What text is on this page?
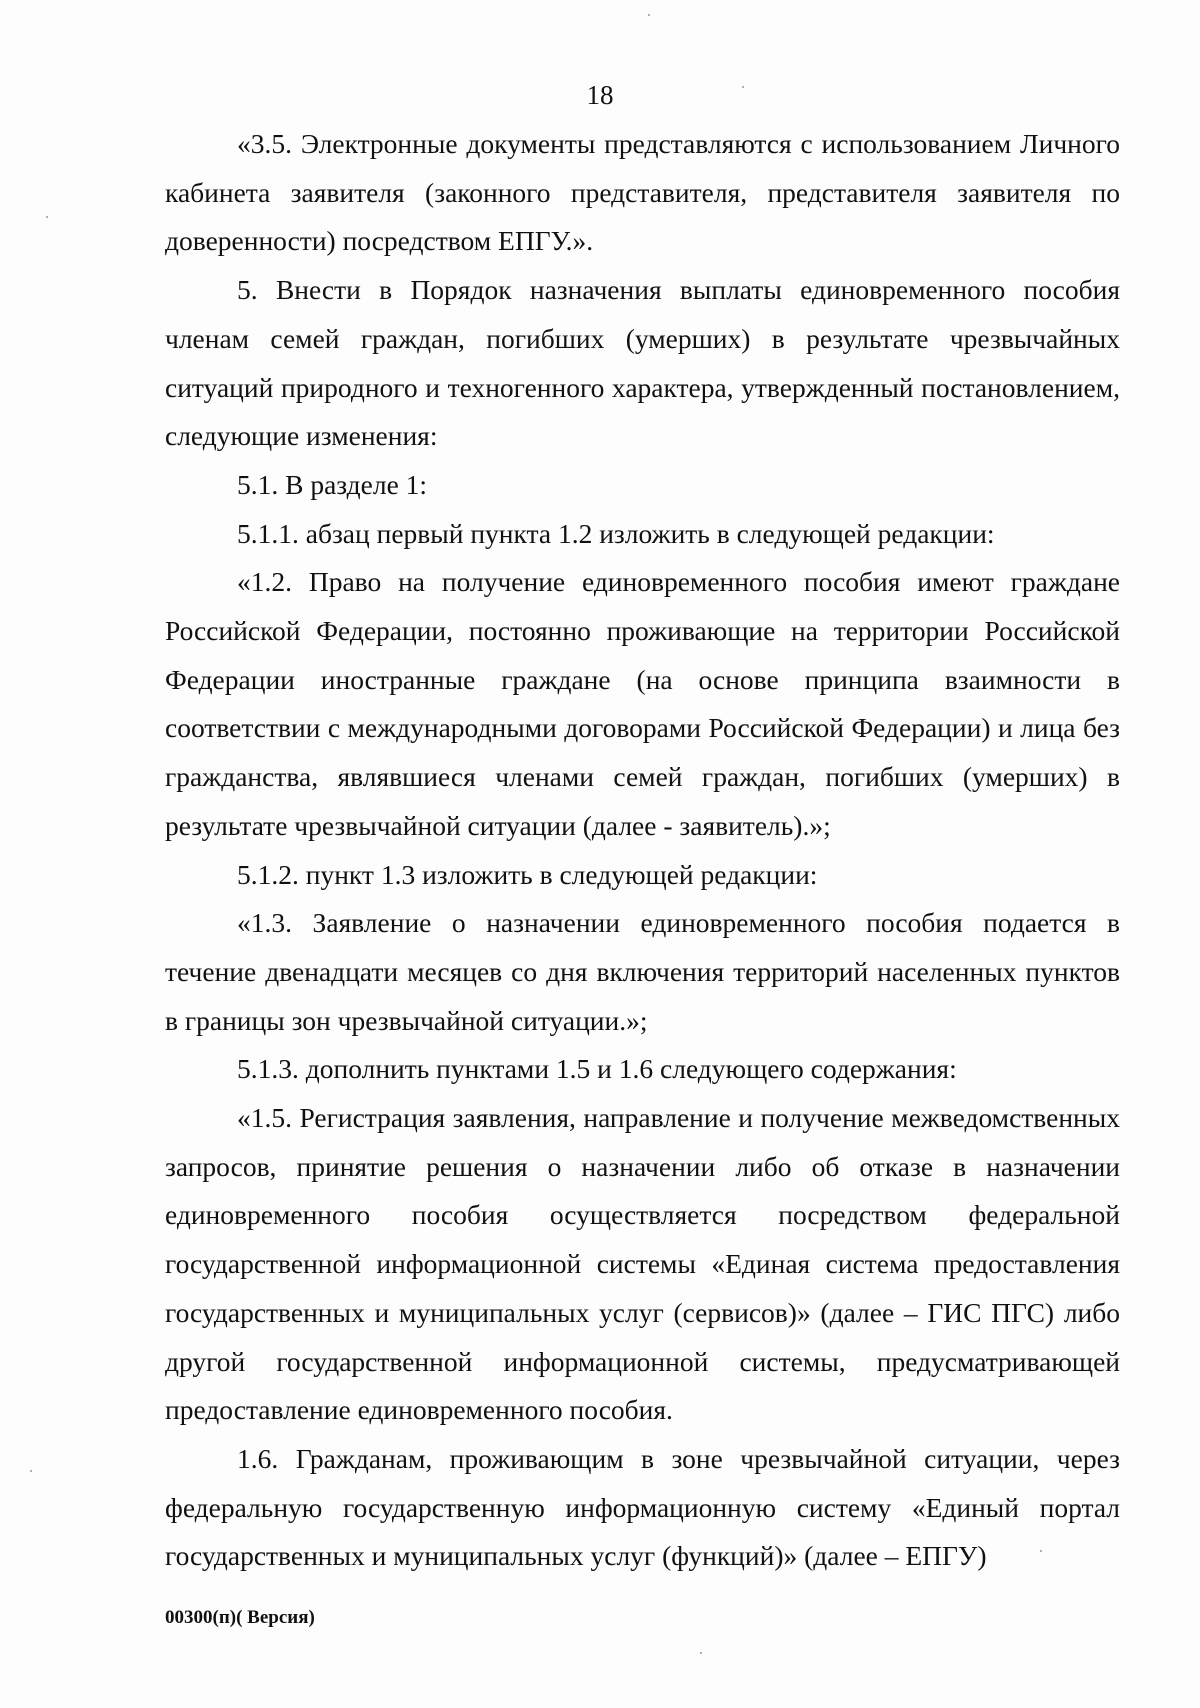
18

«3.5. Электронные документы представляются с использованием Личного кабинета заявителя (законного представителя, представителя заявителя по доверенности) посредством ЕПГУ.».

5. Внести в Порядок назначения выплаты единовременного пособия членам семей граждан, погибших (умерших) в результате чрезвычайных ситуаций природного и техногенного характера, утвержденный постановлением, следующие изменения:

5.1. В разделе 1:

5.1.1. абзац первый пункта 1.2 изложить в следующей редакции:

«1.2. Право на получение единовременного пособия имеют граждане Российской Федерации, постоянно проживающие на территории Российской Федерации иностранные граждане (на основе принципа взаимности в соответствии с международными договорами Российской Федерации) и лица без гражданства, являвшиеся членами семей граждан, погибших (умерших) в результате чрезвычайной ситуации (далее - заявитель).»;

5.1.2. пункт 1.3 изложить в следующей редакции:

«1.3. Заявление о назначении единовременного пособия подается в течение двенадцати месяцев со дня включения территорий населенных пунктов в границы зон чрезвычайной ситуации.»;

5.1.3. дополнить пунктами 1.5 и 1.6 следующего содержания:

«1.5. Регистрация заявления, направление и получение межведомственных запросов, принятие решения о назначении либо об отказе в назначении единовременного пособия осуществляется посредством федеральной государственной информационной системы «Единая система предоставления государственных и муниципальных услуг (сервисов)» (далее – ГИС ПГС) либо другой государственной информационной системы, предусматривающей предоставление единовременного пособия.

1.6. Гражданам, проживающим в зоне чрезвычайной ситуации, через федеральную государственную информационную систему «Единый портал государственных и муниципальных услуг (функций)» (далее – ЕПГУ)

00300(п)( Версия)
